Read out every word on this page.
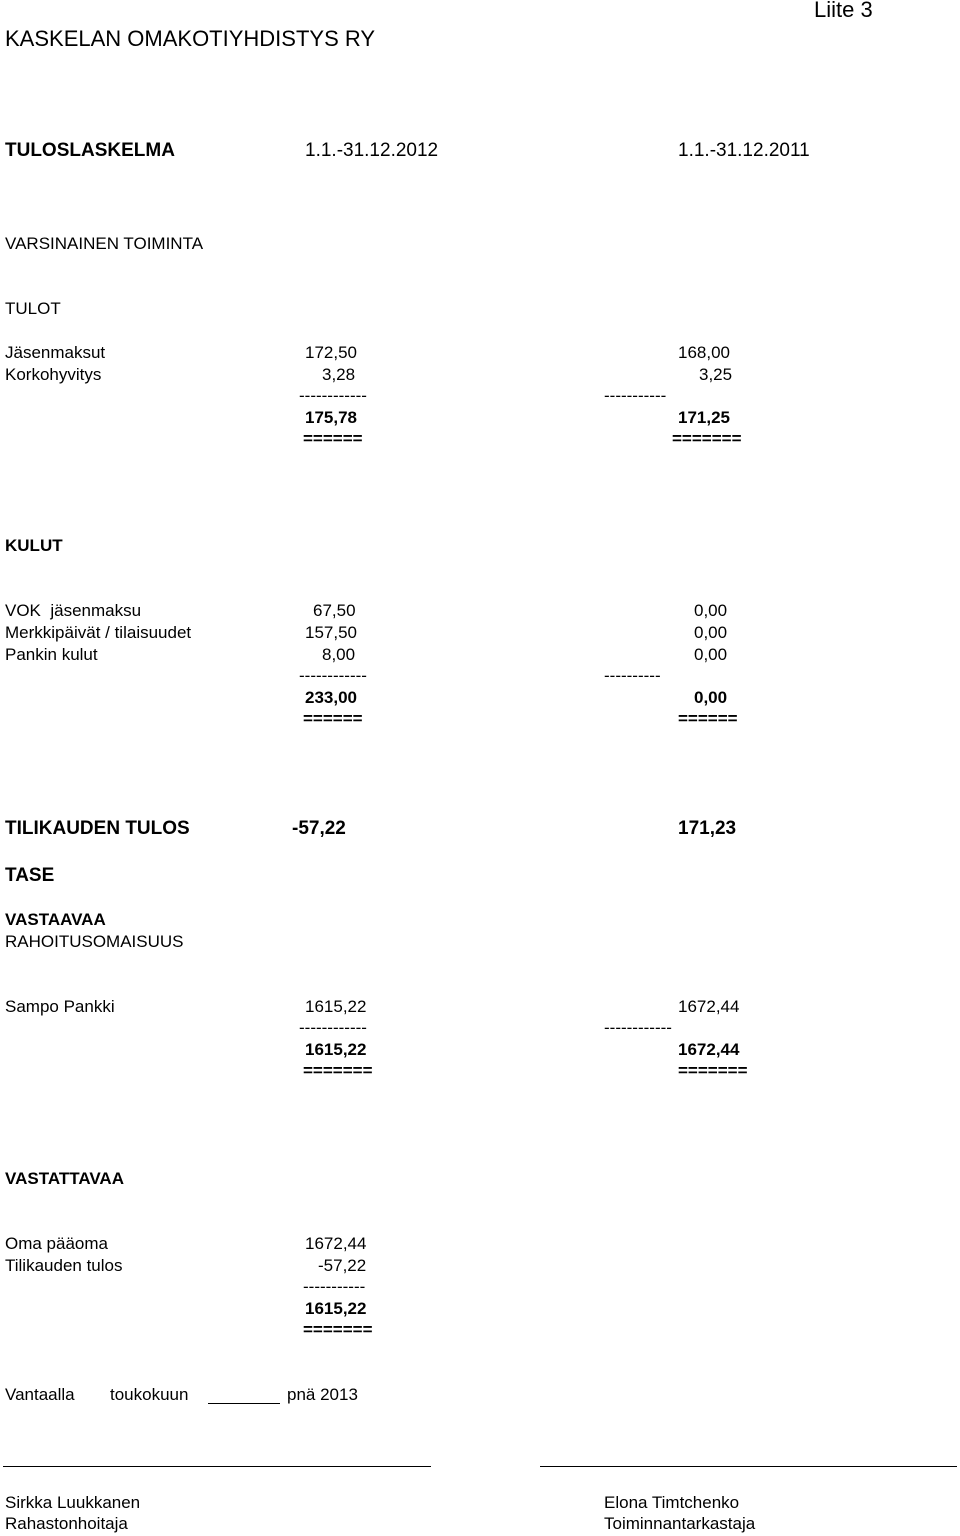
Liite 3
KASKELAN OMAKOTIYHDISTYS RY
TULOSLASKELMA	1.1.-31.12.2012	1.1.-31.12.2011
VARSINAINEN TOIMINTA
TULOT
Jäsenmaksut	172,50	168,00
Korkohyvitys	3,28	3,25
------------	-----------
175,78	171,25
======	=======
KULUT
VOK  jäsenmaksu	67,50	0,00
Merkkipäivät / tilaisuudet	157,50	0,00
Pankin kulut	8,00	0,00
------------	----------
233,00	0,00
======	======
TILIKAUDEN TULOS	-57,22	171,23
TASE
VASTAAVAA
RAHOITUSOMAISUUS
Sampo Pankki	1615,22	1672,44
------------	------------
1615,22	1672,44
=======	=======
VASTATTAVAA
Oma pääoma	1672,44
Tilikauden tulos	-57,22
-----------
1615,22
=======
Vantaalla toukokuun	pnä 2013
Sirkka Luukkanen
Rahastonhoitaja
Elona Timtchenko
Toiminnantarkastaja
